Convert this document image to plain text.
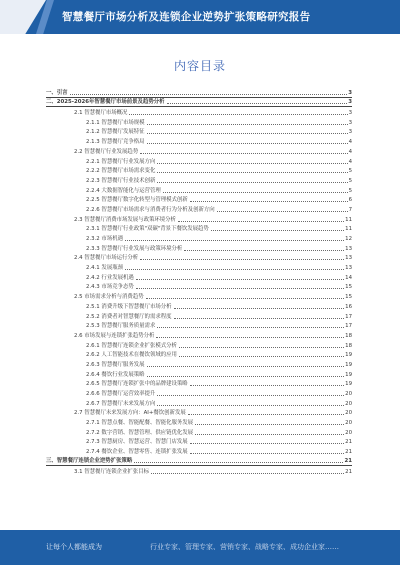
智慧餐厅市场分析及连锁企业逆势扩张策略研究报告
内容目录
一、引言	3
二、2025-2026年智慧餐厅市场前景及趋势分析	3
2.1 智慧餐厅市场概况	3
2.1.1 智慧餐厅市场规模	3
2.1.2 智慧餐厅发展特征	3
2.1.3 智慧餐厅竞争格局	4
2.2 智慧餐厅行业发展趋势	4
2.2.1 智慧餐厅行业发展方向	4
2.2.2 智慧餐厅市场需求变化	5
2.2.3 智慧餐厅行业技术创新	5
2.2.4 大数据智能化与运营管理	5
2.2.5 智慧餐厅数字化转型与管理模式创新	6
2.2.6 智慧餐厅市场需求与消费者行为分析及创新方向	7
2.3 智慧餐厅消费市场发展与政策环境分析	11
2.3.1 智慧餐厅行业政策"双碳"背景下餐饮发展趋势	11
2.3.2 市场机遇	12
2.3.3 智慧餐厅行业发展与政策环境分析	13
2.4 智慧餐厅市场运行分析	13
2.4.1 发展瓶颈	13
2.4.2 行业发展机遇	14
2.4.3 市场竞争态势	15
2.5 市场需求分析与消费趋势	15
2.5.1 消费升级下智慧餐厅市场分析	16
2.5.2 消费者对智慧餐厅的需求程度	17
2.5.3 智慧餐厅服务质量需求	17
2.6 市场发展与连锁扩张趋势分析	18
2.6.1 智慧餐厅连锁企业扩张模式分析	18
2.6.2 人工智能技术在餐饮领域的应用	19
2.6.3 智慧餐厅服务发展	19
2.6.4 餐饮行业发展策略	19
2.6.5 智慧餐厅连锁扩张中的品牌建设策略	19
2.6.6 智慧餐厅运营效率提升	20
2.6.7 智慧餐厅未来发展方向	20
2.7 智慧餐厅未来发展方向：AI+餐饮创新发展	20
2.7.1 智慧点餐、智能配餐、智能化服务发展	20
2.7.2 数字营销、智慧管理、供应链优化发展	20
2.7.3 智慧厨房、智慧运营、智慧门店发展	21
2.7.4 餐饮企业、智慧零售、连锁扩张发展	21
三、智慧餐厅连锁企业逆势扩张策略	21
3.1 智慧餐厅连锁企业扩张目标	21
让每个人都能成为	行业专家、管理专家、营销专家、战略专家、成功企业家……
